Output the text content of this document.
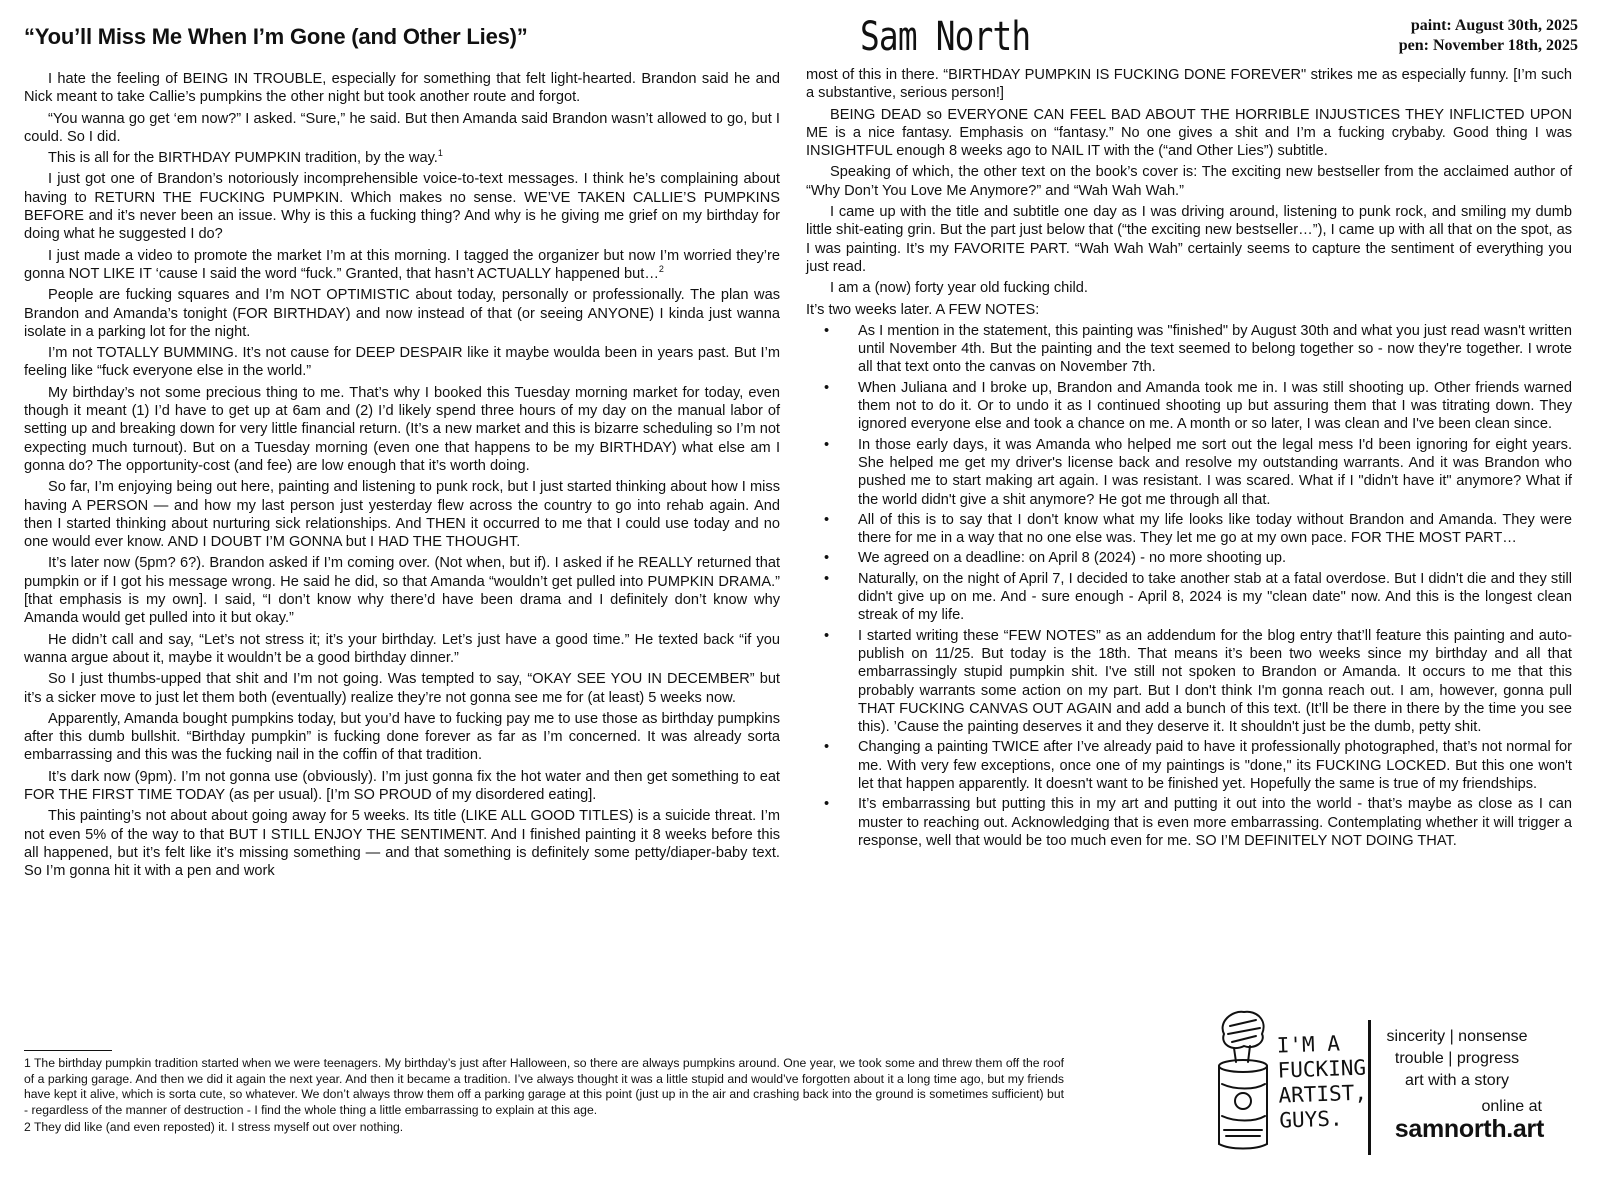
“You’ll Miss Me When I’m Gone (and Other Lies)”	Sam North	paint: August 30th, 2025
pen: November 18th, 2025

I hate the feeling of BEING IN TROUBLE, especially for something that felt light-hearted. Brandon said he and Nick meant to take Callie’s pumpkins the other night but took another route and forgot.

“You wanna go get ‘em now?” I asked. “Sure,” he said. But then Amanda said Brandon wasn’t allowed to go, but I could. So I did.

This is all for the BIRTHDAY PUMPKIN tradition, by the way.$^1$

I just got one of Brandon’s notoriously incomprehensible voice-to-text messages. I think he’s complaining about having to RETURN THE FUCKING PUMPKIN. Which makes no sense. WE’VE TAKEN CALLIE’S PUMPKINS BEFORE and it’s never been an issue. Why is this a fucking thing? And why is he giving me grief on my birthday for doing what he suggested I do?

I just made a video to promote the market I’m at this morning. I tagged the organizer but now I’m worried they’re gonna NOT LIKE IT ‘cause I said the word “fuck.” Granted, that hasn’t ACTUALLY happened but…$^2$

People are fucking squares and I’m NOT OPTIMISTIC about today, personally or professionally. The plan was Brandon and Amanda’s tonight (FOR BIRTHDAY) and now instead of that (or seeing ANYONE) I kinda just wanna isolate in a parking lot for the night.

I’m not TOTALLY BUMMING. It’s not cause for DEEP DESPAIR like it maybe woulda been in years past. But I’m feeling like “fuck everyone else in the world.”

My birthday’s not some precious thing to me. That’s why I booked this Tuesday morning market for today, even though it meant (1) I’d have to get up at 6am and (2) I’d likely spend three hours of my day on the manual labor of setting up and breaking down for very little financial return. (It’s a new market and this is bizarre scheduling so I’m not expecting much turnout). But on a Tuesday morning (even one that happens to be my BIRTHDAY) what else am I gonna do? The opportunity-cost (and fee) are low enough that it’s worth doing.

So far, I’m enjoying being out here, painting and listening to punk rock, but I just started thinking about how I miss having A PERSON — and how my last person just yesterday flew across the country to go into rehab again. And then I started thinking about nurturing sick relationships. And THEN it occurred to me that I could use today and no one would ever know. AND I DOUBT I’M GONNA but I HAD THE THOUGHT.

It’s later now (5pm? 6?). Brandon asked if I’m coming over. (Not when, but if). I asked if he REALLY returned that pumpkin or if I got his message wrong. He said he did, so that Amanda “wouldn’t get pulled into PUMPKIN DRAMA.” [that emphasis is my own]. I said, “I don’t know why there’d have been drama and I definitely don’t know why Amanda would get pulled into it but okay.”

He didn’t call and say, “Let’s not stress it; it’s your birthday. Let’s just have a good time.” He texted back “if you wanna argue about it, maybe it wouldn’t be a good birthday dinner.”

So I just thumbs-upped that shit and I’m not going. Was tempted to say, “OKAY SEE YOU IN DECEMBER” but it’s a sicker move to just let them both (eventually) realize they’re not gonna see me for (at least) 5 weeks now.

Apparently, Amanda bought pumpkins today, but you’d have to fucking pay me to use those as birthday pumpkins after this dumb bullshit. “Birthday pumpkin” is fucking done forever as far as I’m concerned. It was already sorta embarrassing and this was the fucking nail in the coffin of that tradition.

It’s dark now (9pm). I’m not gonna use (obviously). I’m just gonna fix the hot water and then get something to eat FOR THE FIRST TIME TODAY (as per usual). [I’m SO PROUD of my disordered eating].

This painting’s not about about going away for 5 weeks. Its title (LIKE ALL GOOD TITLES) is a suicide threat. I’m not even 5% of the way to that BUT I STILL ENJOY THE SENTIMENT. And I finished painting it 8 weeks before this all happened, but it’s felt like it’s missing something — and that something is definitely some petty/diaper-baby text. So I’m gonna hit it with a pen and work

most of this in there. “BIRTHDAY PUMPKIN IS FUCKING DONE FOREVER" strikes me as especially funny. [I’m such a substantive, serious person!]

BEING DEAD so EVERYONE CAN FEEL BAD ABOUT THE HORRIBLE INJUSTICES THEY INFLICTED UPON ME is a nice fantasy. Emphasis on “fantasy.” No one gives a shit and I’m a fucking crybaby. Good thing I was INSIGHTFUL enough 8 weeks ago to NAIL IT with the (“and Other Lies”) subtitle.

Speaking of which, the other text on the book’s cover is: The exciting new bestseller from the acclaimed author of “Why Don’t You Love Me Anymore?” and “Wah Wah Wah.”

I came up with the title and subtitle one day as I was driving around, listening to punk rock, and smiling my dumb little shit-eating grin. But the part just below that (“the exciting new bestseller…”), I came up with all that on the spot, as I was painting. It’s my FAVORITE PART. “Wah Wah Wah” certainly seems to capture the sentiment of everything you just read.

I am a (now) forty year old fucking child.

It’s two weeks later. A FEW NOTES:

• As I mention in the statement, this painting was "finished" by August 30th and what you just read wasn't written until November 4th. But the painting and the text seemed to belong together so - now they're together. I wrote all that text onto the canvas on November 7th.
• When Juliana and I broke up, Brandon and Amanda took me in. I was still shooting up. Other friends warned them not to do it. Or to undo it as I continued shooting up but assuring them that I was titrating down. They ignored everyone else and took a chance on me. A month or so later, I was clean and I've been clean since.
• In those early days, it was Amanda who helped me sort out the legal mess I'd been ignoring for eight years. She helped me get my driver's license back and resolve my outstanding warrants. And it was Brandon who pushed me to start making art again. I was resistant. I was scared. What if I "didn't have it" anymore? What if the world didn't give a shit anymore? He got me through all that.
• All of this is to say that I don't know what my life looks like today without Brandon and Amanda. They were there for me in a way that no one else was. They let me go at my own pace. FOR THE MOST PART…
• We agreed on a deadline: on April 8 (2024) - no more shooting up.
• Naturally, on the night of April 7, I decided to take another stab at a fatal overdose. But I didn't die and they still didn't give up on me. And - sure enough - April 8, 2024 is my "clean date" now. And this is the longest clean streak of my life.
• I started writing these “FEW NOTES” as an addendum for the blog entry that’ll feature this painting and auto-publish on 11/25. But today is the 18th. That means it’s been two weeks since my birthday and all that embarrassingly stupid pumpkin shit. I've still not spoken to Brandon or Amanda. It occurs to me that this probably warrants some action on my part. But I don't think I'm gonna reach out. I am, however, gonna pull THAT FUCKING CANVAS OUT AGAIN and add a bunch of this text. (It’ll be there in there by the time you see this). ’Cause the painting deserves it and they deserve it. It shouldn't just be the dumb, petty shit.
• Changing a painting TWICE after I’ve already paid to have it professionally photographed, that’s not normal for me. With very few exceptions, once one of my paintings is "done," its FUCKING LOCKED. But this one won't let that happen apparently. It doesn't want to be finished yet. Hopefully the same is true of my friendships.
• It’s embarrassing but putting this in my art and putting it out into the world - that’s maybe as close as I can muster to reaching out. Acknowledging that is even more embarrassing. Contemplating whether it will trigger a response, well that would be too much even for me. SO I’M DEFINITELY NOT DOING THAT.

1 The birthday pumpkin tradition started when we were teenagers. My birthday’s just after Halloween, so there are always pumpkins around. One year, we took some and threw them off the roof of a parking garage. And then we did it again the next year. And then it became a tradition. I’ve always thought it was a little stupid and would’ve forgotten about it a long time ago, but my friends have kept it alive, which is sorta cute, so whatever. We don’t always throw them off a parking garage at this point (just up in the air and crashing back into the ground is sometimes sufficient) but - regardless of the manner of destruction - I find the whole thing a little embarrassing to explain at this age.

2 They did like (and even reposted) it. I stress myself out over nothing.

I'M A
FUCKING
ARTIST,
GUYS.
sincerity | nonsense
trouble | progress
art with a story
online at
samnorth.art
